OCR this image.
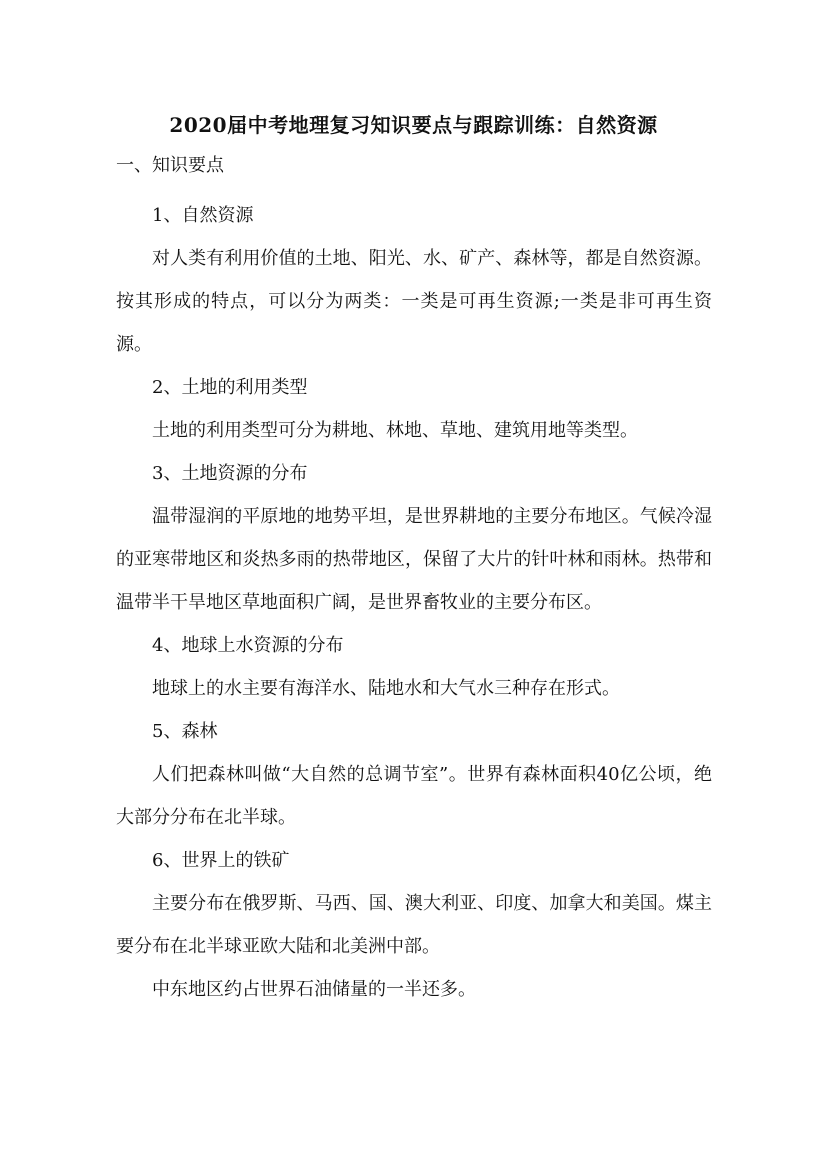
2020届中考地理复习知识要点与跟踪训练：自然资源
一、知识要点

1、自然资源

对人类有利用价值的土地、阳光、水、矿产、森林等，都是自然资源。按其形成的特点，可以分为两类：一类是可再生资源;一类是非可再生资源。

2、土地的利用类型

土地的利用类型可分为耕地、林地、草地、建筑用地等类型。

3、土地资源的分布

温带湿润的平原地的地势平坦，是世界耕地的主要分布地区。气候冷湿的亚寒带地区和炎热多雨的热带地区，保留了大片的针叶林和雨林。热带和温带半干旱地区草地面积广阔，是世界畜牧业的主要分布区。

4、地球上水资源的分布

地球上的水主要有海洋水、陆地水和大气水三种存在形式。

5、森林

人们把森林叫做“大自然的总调节室”。世界有森林面积40亿公顷，绝大部分分布在北半球。

6、世界上的铁矿

主要分布在俄罗斯、马西、国、澳大利亚、印度、加拿大和美国。煤主要分布在北半球亚欧大陆和北美洲中部。

中东地区约占世界石油储量的一半还多。
